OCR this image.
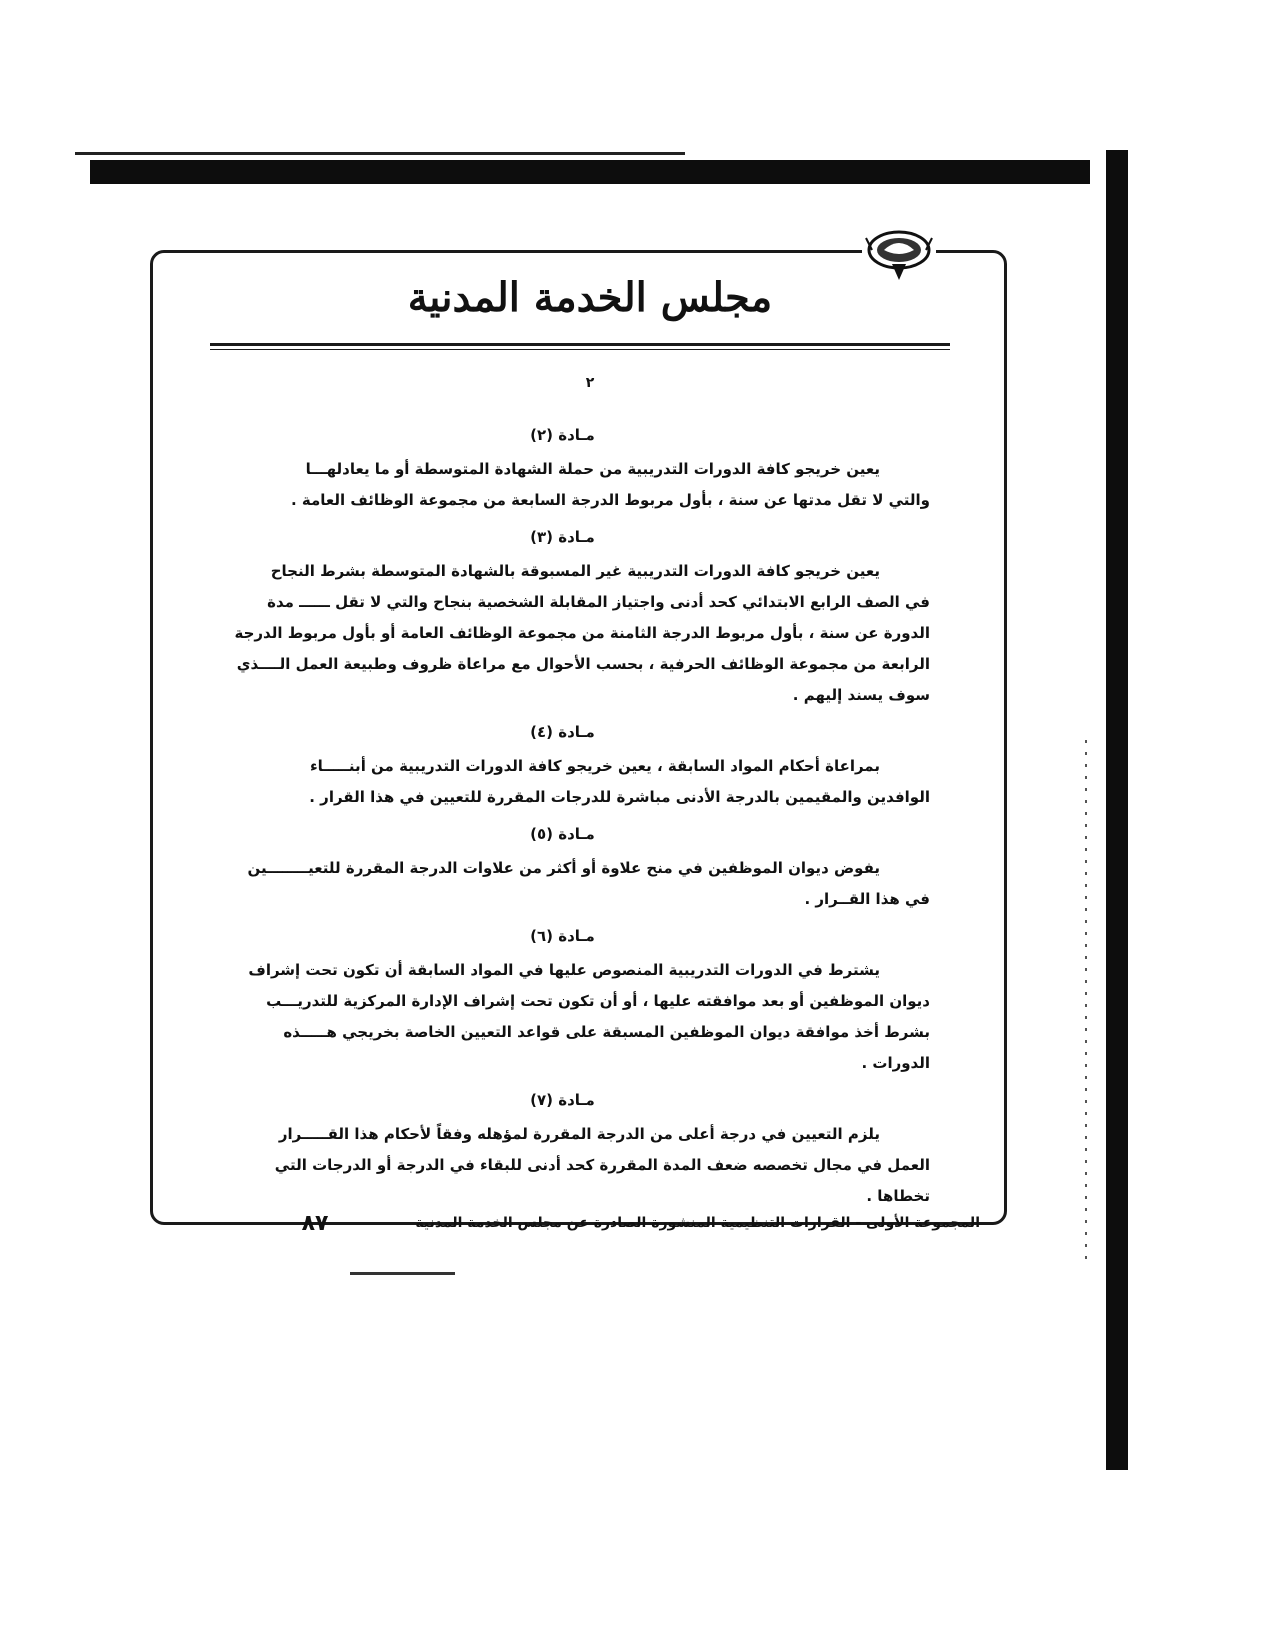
مجلس الخدمة المدنية
٢
مـادة (٢)
يعين خريجو كافة الدورات التدريبية من حملة الشهادة المتوسطة أو ما يعادلهـــا
والتي لا تقل مدتها عن سنة ، بأول مربوط الدرجة السابعة من مجموعة الوظائف العامة .
مـادة (٣)
يعين خريجو كافة الدورات التدريبية غير المسبوقة بالشهادة المتوسطة بشرط النجاح
في الصف الرابع الابتدائي كحد أدنى واجتياز المقابلة الشخصية بنجاح والتي لا تقل ــــــ مدة
الدورة عن سنة ، بأول مربوط الدرجة الثامنة من مجموعة الوظائف العامة أو بأول مربوط الدرجة
الرابعة من مجموعة الوظائف الحرفية ، بحسب الأحوال مع مراعاة ظروف وطبيعة العمل الــــذي
سوف يسند إليهم .
مـادة (٤)
بمراعاة أحكام المواد السابقة ، يعين خريجو كافة الدورات التدريبية من أبنـــــاء
الوافدين والمقيمين بالدرجة الأدنى مباشرة للدرجات المقررة للتعيين في هذا القرار .
مـادة (٥)
يفوض ديوان الموظفين في منح علاوة أو أكثر من علاوات الدرجة المقررة للتعيــــــــين
في هذا القــرار .
مـادة (٦)
يشترط في الدورات التدريبية المنصوص عليها في المواد السابقة أن تكون تحت إشراف
ديوان الموظفين أو بعد موافقته عليها ، أو أن تكون تحت إشراف الإدارة المركزية للتدريـــب
بشرط أخذ موافقة ديوان الموظفين المسبقة على قواعد التعيين الخاصة بخريجي هـــــذه
الدورات .
مـادة (٧)
يلزم التعيين في درجة أعلى من الدرجة المقررة لمؤهله وفقاً لأحكام هذا القـــــرار
العمل في مجال تخصصه ضعف المدة المقررة كحد أدنى للبقاء في الدرجة أو الدرجات التي
تخطاها .
المجموعة الأولى - القرارات التنظيمية المنشورة الصادرة عن مجلس الخدمة المدنية
٨٧
